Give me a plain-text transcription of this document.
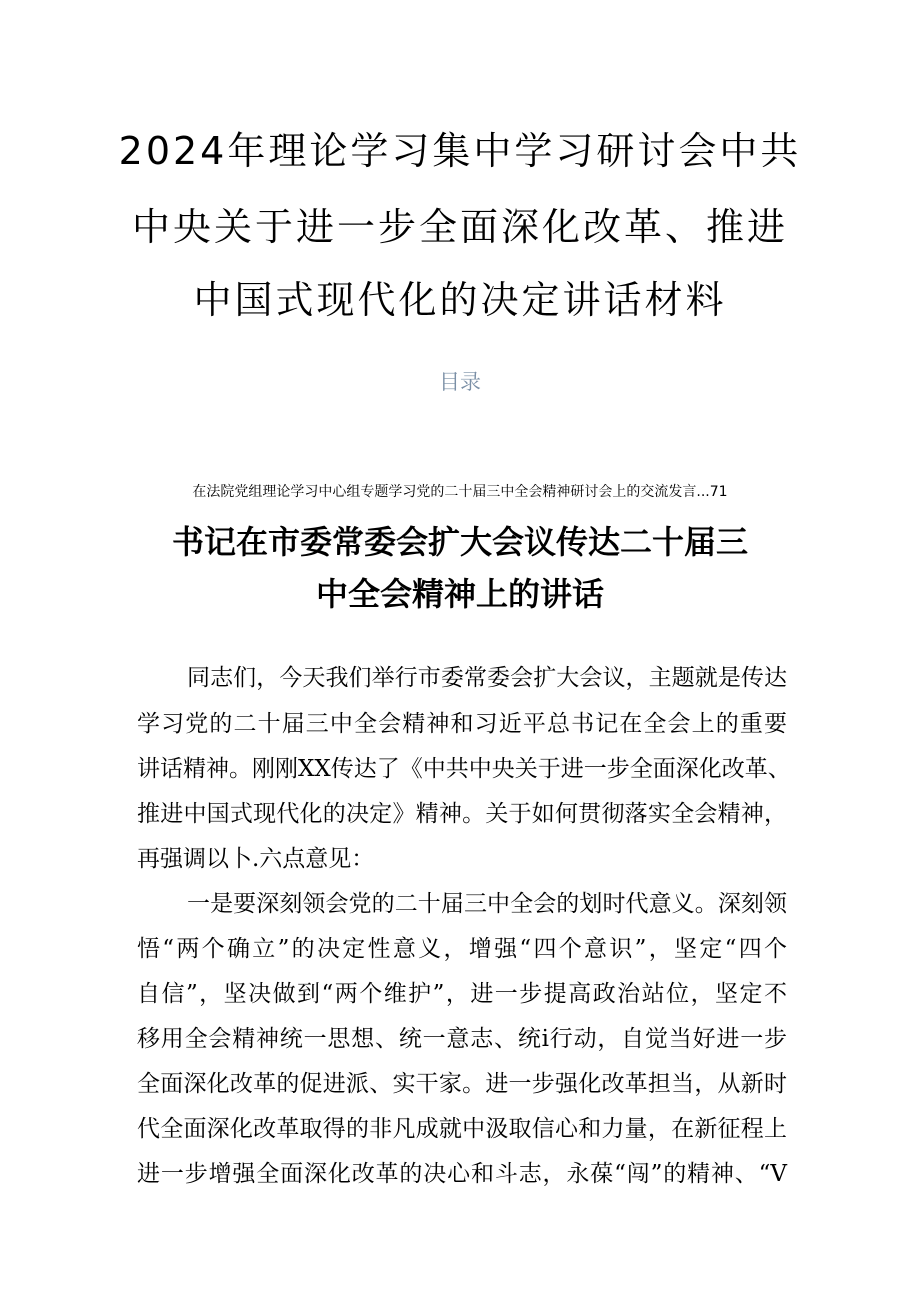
2024年理论学习集中学习研讨会中共
中央关于进一步全面深化改革、推进
中国式现代化的决定讲话材料
目录
在法院党组理论学习中心组专题学习党的二十届三中全会精神研讨会上的交流发言...71
书记在市委常委会扩大会议传达二十届三
中全会精神上的讲话
同志们，今天我们举行市委常委会扩大会议，主题就是传达
学习党的二十届三中全会精神和习近平总书记在全会上的重要
讲话精神。刚刚XX传达了《中共中央关于进一步全面深化改革、
推进中国式现代化的决定》精神。关于如何贯彻落实全会精神，
再强调以卜.六点意见：
一是要深刻领会党的二十届三中全会的划时代意义。深刻领
悟“两个确立”的决定性意义，增强“四个意识”，坚定“四个
自信”，坚决做到“两个维护”，进一步提高政治站位，坚定不
移用全会精神统一思想、统一意志、统i行动，自觉当好进一步
全面深化改革的促进派、实干家。进一步强化改革担当，从新时
代全面深化改革取得的非凡成就中汲取信心和力量，在新征程上
进一步增强全面深化改革的决心和斗志，永葆“闯”的精神、“V
